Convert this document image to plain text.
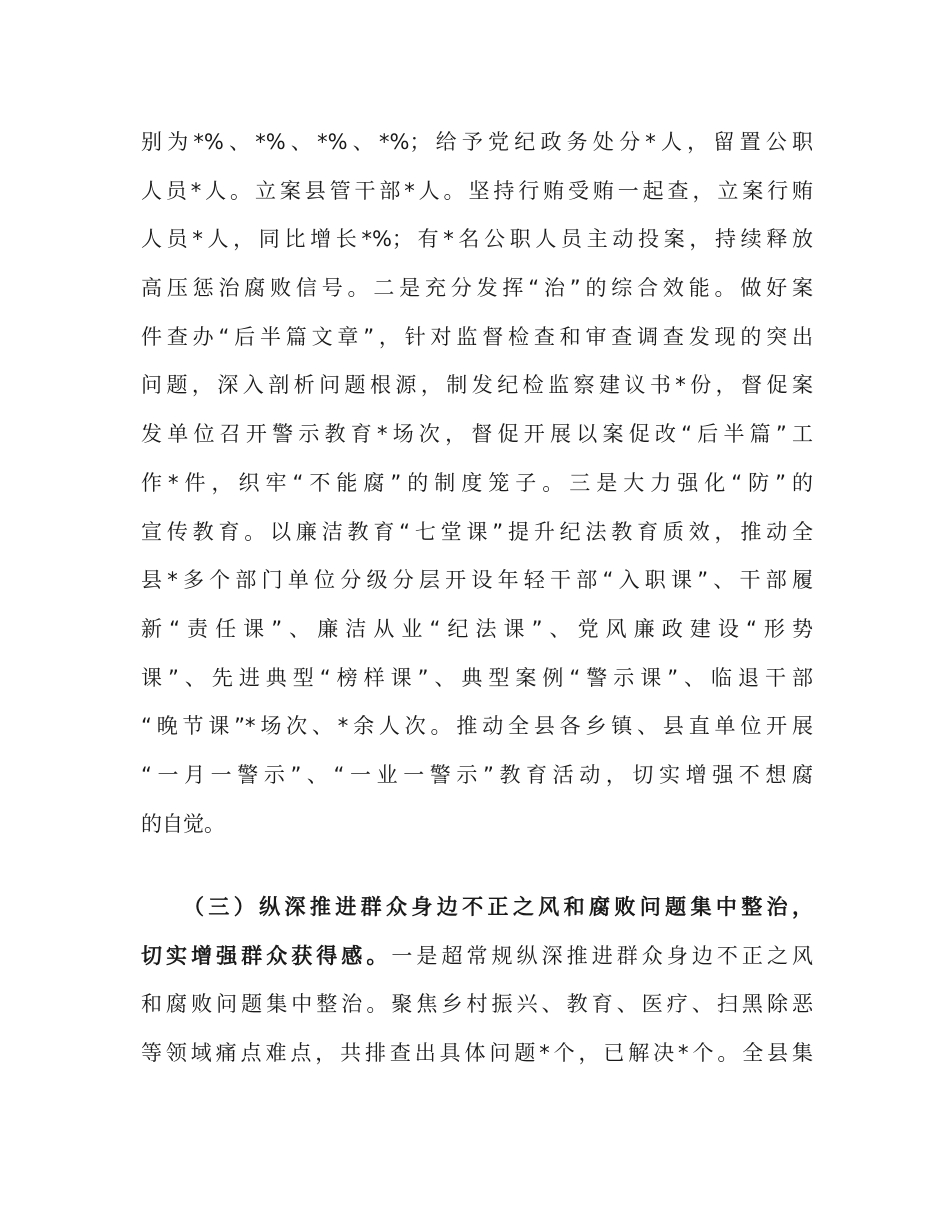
别为*%、*%、*%、*%；给予党纪政务处分*人，留置公职
人员*人。立案县管干部*人。坚持行贿受贿一起查，立案行贿
人员*人，同比增长*%；有*名公职人员主动投案，持续释放
高压惩治腐败信号。二是充分发挥“治”的综合效能。做好案
件查办“后半篇文章”，针对监督检查和审查调查发现的突出
问题，深入剖析问题根源，制发纪检监察建议书*份，督促案
发单位召开警示教育*场次，督促开展以案促改“后半篇”工
作*件，织牢“不能腐”的制度笼子。三是大力强化“防”的
宣传教育。以廉洁教育“七堂课”提升纪法教育质效，推动全
县*多个部门单位分级分层开设年轻干部“入职课”、干部履
新“责任课”、廉洁从业“纪法课”、党风廉政建设“形势
课”、先进典型“榜样课”、典型案例“警示课”、临退干部
“晚节课”*场次、*余人次。推动全县各乡镇、县直单位开展
“一月一警示”、“一业一警示”教育活动，切实增强不想腐
的自觉。
（三）纵深推进群众身边不正之风和腐败问题集中整治，
切实增强群众获得感。一是超常规纵深推进群众身边不正之风
和腐败问题集中整治。聚焦乡村振兴、教育、医疗、扫黑除恶
等领域痛点难点，共排查出具体问题*个，已解决*个。全县集
